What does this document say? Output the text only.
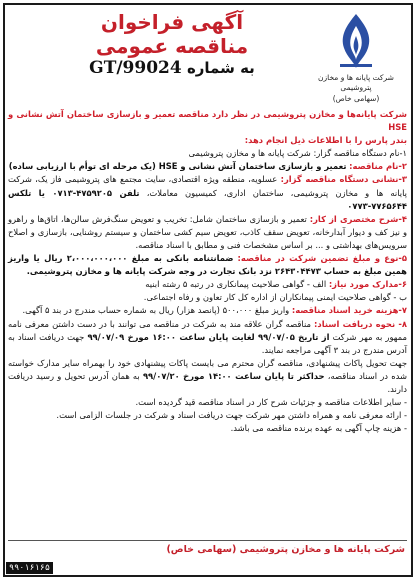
شرکت پایانه ها و مخازن پتروشیمی
(سهامی خاص)
آگهی فراخوان مناقصه عمومی
به شماره GT/99024

شرکت پایانه‌ها و مخازن پتروشیمی در نظر دارد مناقصه تعمیر و بازسازی ساختمان آتش نشانی و HSE

بندر پارس را با اطلاعات ذیل انجام دهد:

۱-نام دستگاه مناقصه گزار: شرکت پایانه ها و مخازن پتروشیمی

۲-نام مناقصه: تعمیر و بازسازی ساختمان آتش نشانی و HSE (یک مرحله ای توأم با ارزیابی ساده)

۳-نشانی دستگاه مناقصه گزار: عسلویه، منطقه ویژه اقتصادی، سایت مجتمع های پتروشیمی فاز یک، شرکت پایانه ها و مخازن پتروشیمی، ساختمان اداری، کمیسیون معاملات، تلفن ۴۷۵۹۲۰۵-۰۷۱۳ یا تلکس ۷۷۶۵۶۴۴-۰۷۷۳

۴-شرح مختصری از کار: تعمیر و بازسازی ساختمان شامل: تخریب و تعویض سنگ‌فرش سالن‌ها، اتاق‌ها و راهرو و نیز کف و دیوار آبدارخانه، تعویض سقف کاذب، تعویض سیم کشی ساختمان و سیستم روشنایی، بازسازی و اصلاح سرویس‌های بهداشتی و ... بر اساس مشخصات فنی و مطابق با اسناد مناقصه.

۵-نوع و مبلغ تضمین شرکت در مناقصه: ضمانتنامه بانکی به مبلغ ۲،۰۰۰،۰۰۰،۰۰۰ ریال یا واریز همین مبلغ به حساب ۲۶۴۳۰۴۴۷۳ نزد بانک تجارت در وجه شرکت پایانه ها و مخازن پتروشیمی.

۶-مدارک مورد نیاز: الف - گواهی صلاحیت پیمانکاری در رتبه ۵ رشته ابنیه

ب - گواهی صلاحیت ایمنی پیمانکاران از اداره کل کار تعاون و رفاه اجتماعی.

۷-هزینه خرید اسناد مناقصه: واریز مبلغ ۵۰۰،۰۰۰ (پانصد هزار) ریال به شماره حساب مندرج در بند ۵ آگهی.

۸- نحوه دریافت اسناد: مناقصه گران علاقه مند به شرکت در مناقصه می توانند با در دست داشتن معرفی نامه ممهور به مهر شرکت از تاریخ ۹۹/۰۷/۰۵ لغایت پایان ساعت ۱۶:۰۰ مورخ ۹۹/۰۷/۰۹ جهت دریافت اسناد به آدرس مندرج در بند ۳ آگهی مراجعه نمایند.

جهت تحویل پاکات پیشنهادی، مناقصه گران محترم می بایست پاکات پیشنهادی خود را بهمراه سایر مدارک خواسته شده در اسناد مناقصه، حداکثر تا پایان ساعت ۱۴:۰۰ مورخ ۹۹/۰۷/۲۰ به همان آدرس تحویل و رسید دریافت دارند.

- سایر اطلاعات مناقصه و جزئیات شرح کار در اسناد مناقصه قید گردیده است.

- ارائه معرفی نامه و همراه داشتن مهر شرکت جهت دریافت اسناد و شرکت در جلسات الزامی است.

- هزینه چاپ آگهی به عهده برنده مناقصه می باشد.

شرکت پایانه ها و مخازن پتروشیمی (سهامی خاص)
۹۹۰۱۶۱۶۵
